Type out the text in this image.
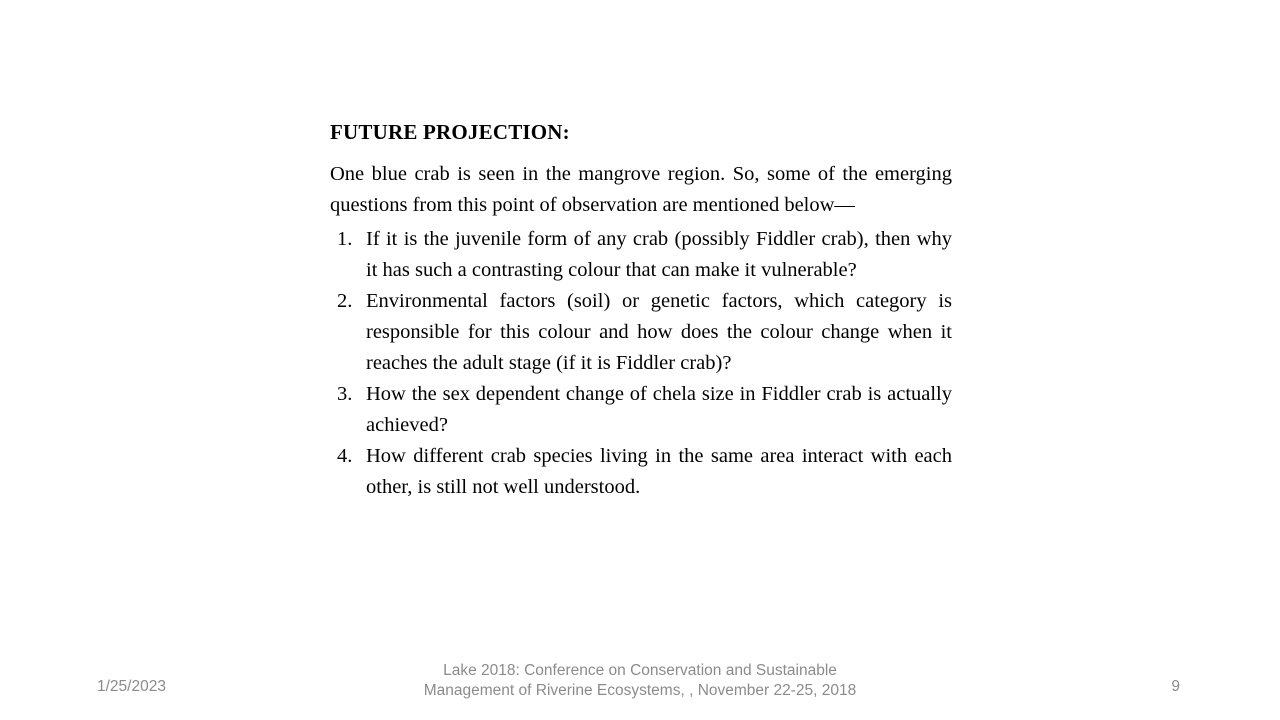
FUTURE PROJECTION:

One blue crab is seen in the mangrove region. So, some of the emerging questions from this point of observation are mentioned below—

1. If it is the juvenile form of any crab (possibly Fiddler crab), then why it has such a contrasting colour that can make it vulnerable?
2. Environmental factors (soil) or genetic factors, which category is responsible for this colour and how does the colour change when it reaches the adult stage (if it is Fiddler crab)?
3. How the sex dependent change of chela size in Fiddler crab is actually achieved?
4. How different crab species living in the same area interact with each other, is still not well understood.
1/25/2023
Lake 2018: Conference on Conservation and Sustainable
Management of Riverine Ecosystems, , November 22-25, 2018	9
